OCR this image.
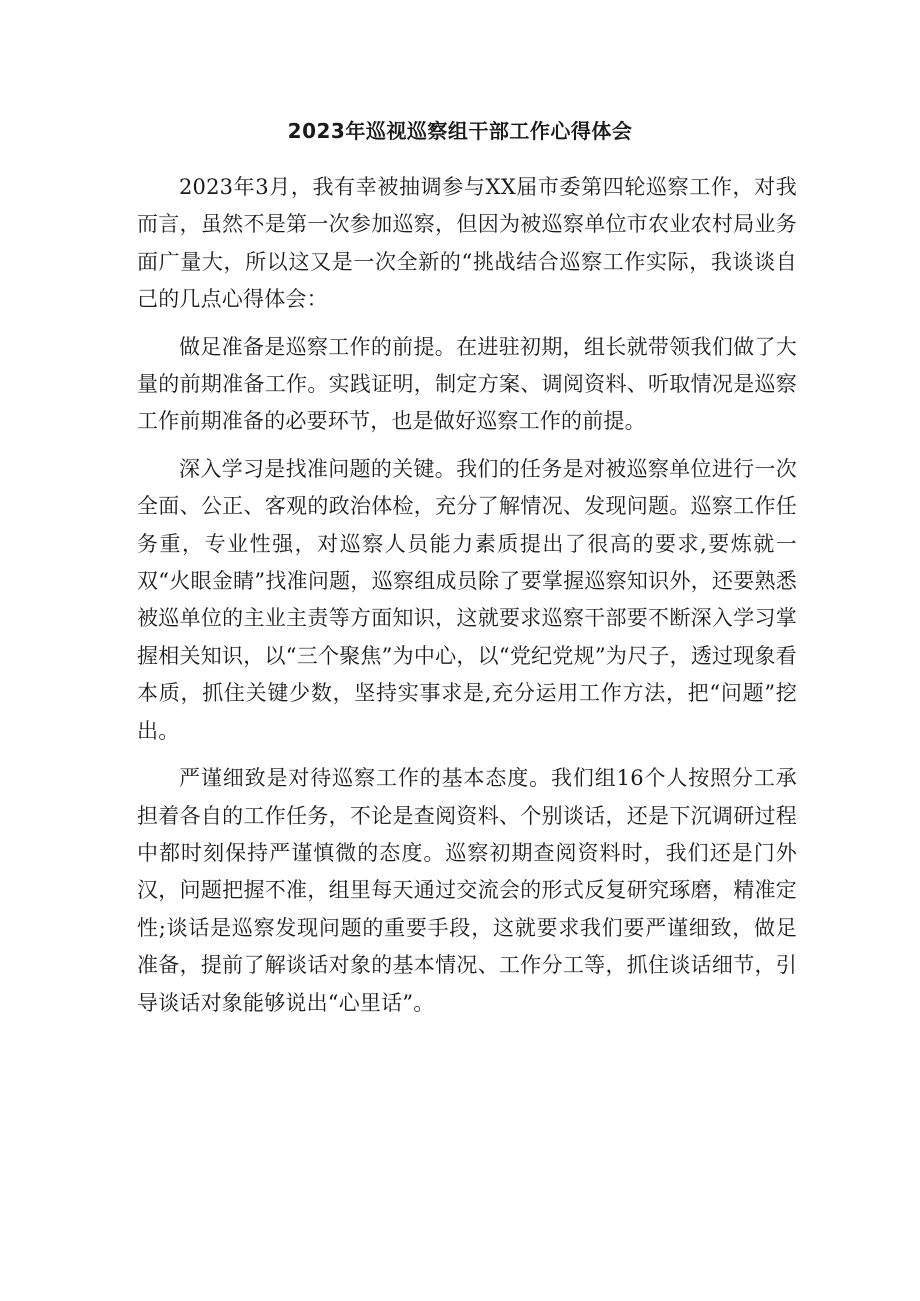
2023年巡视巡察组干部工作心得体会

2023年3月，我有幸被抽调参与XX届市委第四轮巡察工作，对我而言，虽然不是第一次参加巡察，但因为被巡察单位市农业农村局业务面广量大，所以这又是一次全新的“挑战结合巡察工作实际，我谈谈自己的几点心得体会：

做足准备是巡察工作的前提。在进驻初期，组长就带领我们做了大量的前期准备工作。实践证明，制定方案、调阅资料、听取情况是巡察工作前期准备的必要环节，也是做好巡察工作的前提。

深入学习是找准问题的关键。我们的任务是对被巡察单位进行一次全面、公正、客观的政治体检，充分了解情况、发现问题。巡察工作任务重，专业性强，对巡察人员能力素质提出了很高的要求,要炼就一双“火眼金睛”找准问题，巡察组成员除了要掌握巡察知识外，还要熟悉被巡单位的主业主责等方面知识，这就要求巡察干部要不断深入学习掌握相关知识，以“三个聚焦”为中心，以“党纪党规”为尺子，透过现象看本质，抓住关键少数，坚持实事求是,充分运用工作方法，把“问题”挖出。

严谨细致是对待巡察工作的基本态度。我们组16个人按照分工承担着各自的工作任务，不论是查阅资料、个别谈话，还是下沉调研过程中都时刻保持严谨慎微的态度。巡察初期查阅资料时，我们还是门外汉，问题把握不准，组里每天通过交流会的形式反复研究琢磨，精准定性;谈话是巡察发现问题的重要手段，这就要求我们要严谨细致，做足准备，提前了解谈话对象的基本情况、工作分工等，抓住谈话细节，引导谈话对象能够说出“心里话”。
